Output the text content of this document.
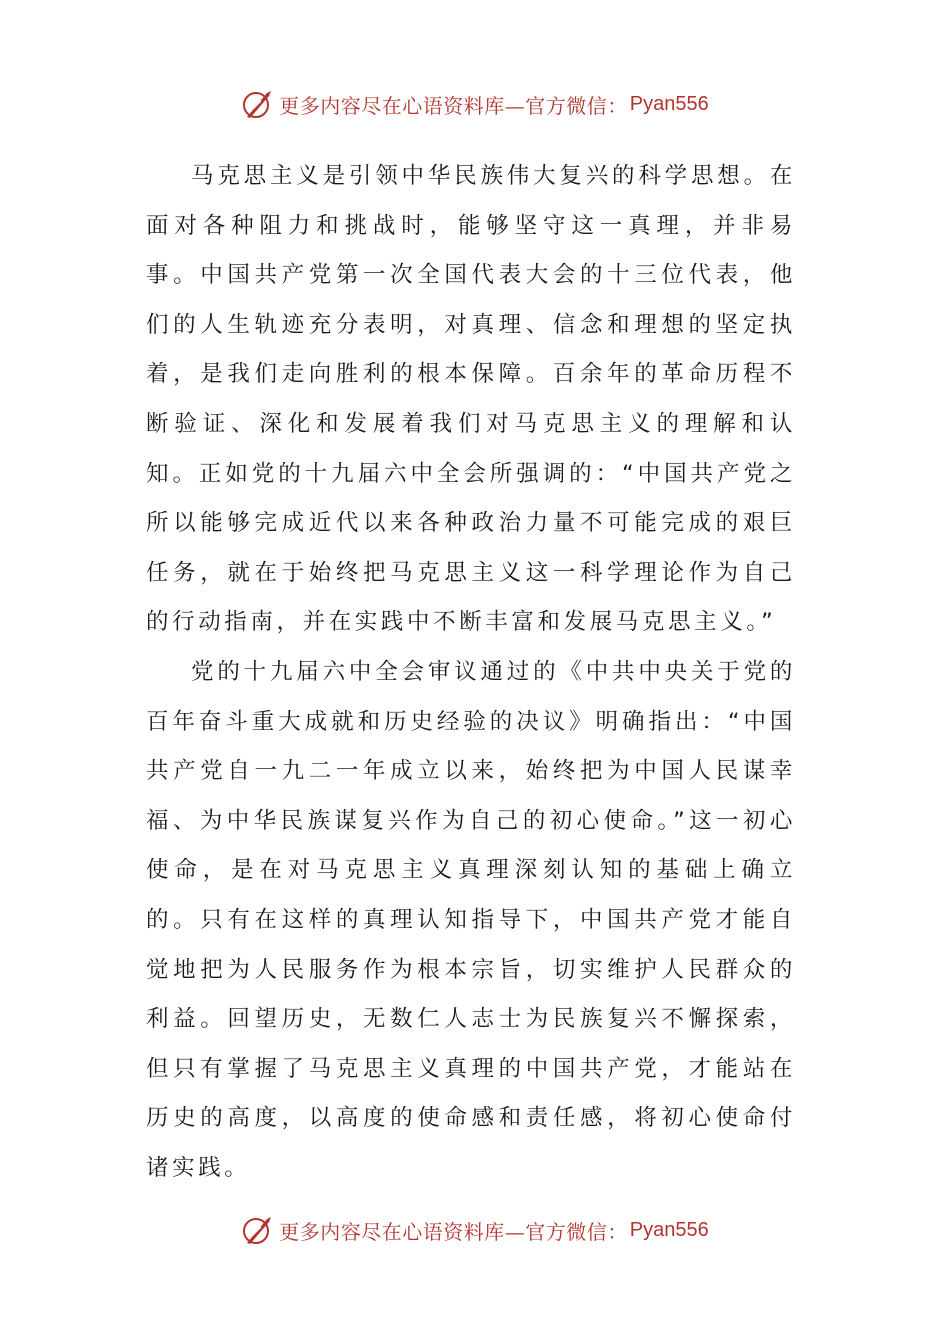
更多内容尽在心语资料库—官方微信： Pyan556

马克思主义是引领中华民族伟大复兴的科学思想。在面对各种阻力和挑战时，能够坚守这一真理，并非易事。中国共产党第一次全国代表大会的十三位代表，他们的人生轨迹充分表明，对真理、信念和理想的坚定执着，是我们走向胜利的根本保障。百余年的革命历程不断验证、深化和发展着我们对马克思主义的理解和认知。正如党的十九届六中全会所强调的：“中国共产党之所以能够完成近代以来各种政治力量不可能完成的艰巨任务，就在于始终把马克思主义这一科学理论作为自己的行动指南，并在实践中不断丰富和发展马克思主义。”

党的十九届六中全会审议通过的《中共中央关于党的百年奋斗重大成就和历史经验的决议》明确指出：“中国共产党自一九二一年成立以来，始终把为中国人民谋幸福、为中华民族谋复兴作为自己的初心使命。”这一初心使命，是在对马克思主义真理深刻认知的基础上确立的。只有在这样的真理认知指导下，中国共产党才能自觉地把为人民服务作为根本宗旨，切实维护人民群众的利益。回望历史，无数仁人志士为民族复兴不懈探索，但只有掌握了马克思主义真理的中国共产党，才能站在历史的高度，以高度的使命感和责任感，将初心使命付诸实践。

更多内容尽在心语资料库—官方微信： Pyan556
